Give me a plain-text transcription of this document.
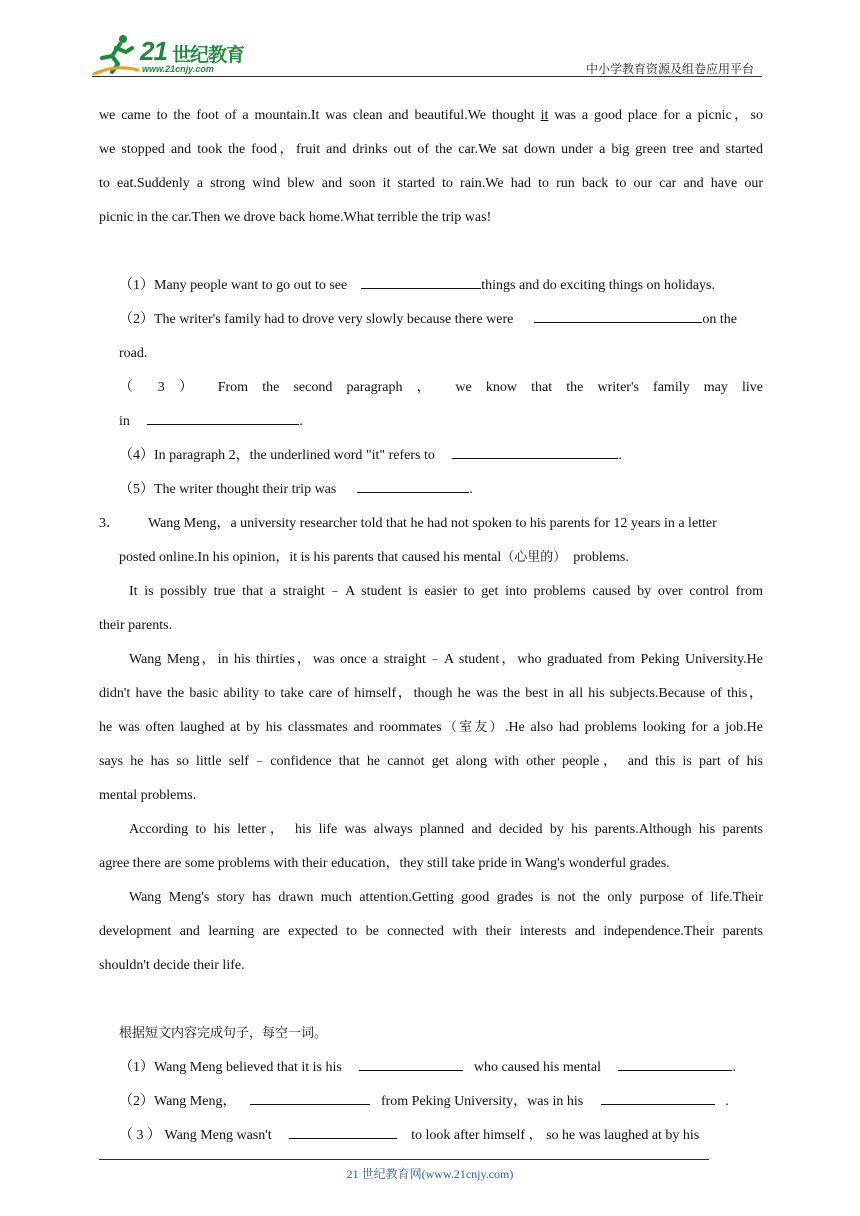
21 世纪教育
www.21cnjy.com	中小学教育资源及组卷应用平台
we came to the foot of a mountain.It was clean and beautiful.We thought it was a good place for a picnic，so
we stopped and took the food，fruit and drinks out of the car.We sat down under a big green tree and started
to eat.Suddenly a strong wind blew and soon it started to rain.We had to run back to our car and have our
picnic in the car.Then we drove back home.What terrible the trip was!
（1）Many people want to go out to see	things and do exciting things on holidays.
（2）The writer's family had to drove very slowly because there were	on the
road.
（ 3 ） From the second paragraph ， we know that the writer's family may live
in	.
（4）In paragraph 2，the underlined word "it" refers to	.
（5）The writer thought their trip was	.
3． Wang Meng，a university researcher told that he had not spoken to his parents for 12 years in a letter
posted online.In his opinion，it is his parents that caused his mental（心里的） problems.
It is possibly true that a straight﹣A student is easier to get into problems caused by over control from
their parents.
Wang Meng，in his thirties，was once a straight﹣A student，who graduated from Peking University.He
didn't have the basic ability to take care of himself，though he was the best in all his subjects.Because of this，
he was often laughed at by his classmates and roommates（室友）.He also had problems looking for a job.He
says he has so little self﹣confidence that he cannot get along with other people， and this is part of his
mental problems.
According to his letter， his life was always planned and decided by his parents.Although his parents
agree there are some problems with their education，they still take pride in Wang's wonderful grades.
Wang Meng's story has drawn much attention.Getting good grades is not the only purpose of life.Their
development and learning are expected to be connected with their interests and independence.Their parents
shouldn't decide their life.
根据短文内容完成句子，每空一词。
（1）Wang Meng believed that it is his	who caused his mental	.
（2）Wang Meng，	from Peking University，was in his	.
（ 3 ） Wang Meng wasn't	to look after himself ， so he was laughed at by his
21 世纪教育网(www.21cnjy.com)
